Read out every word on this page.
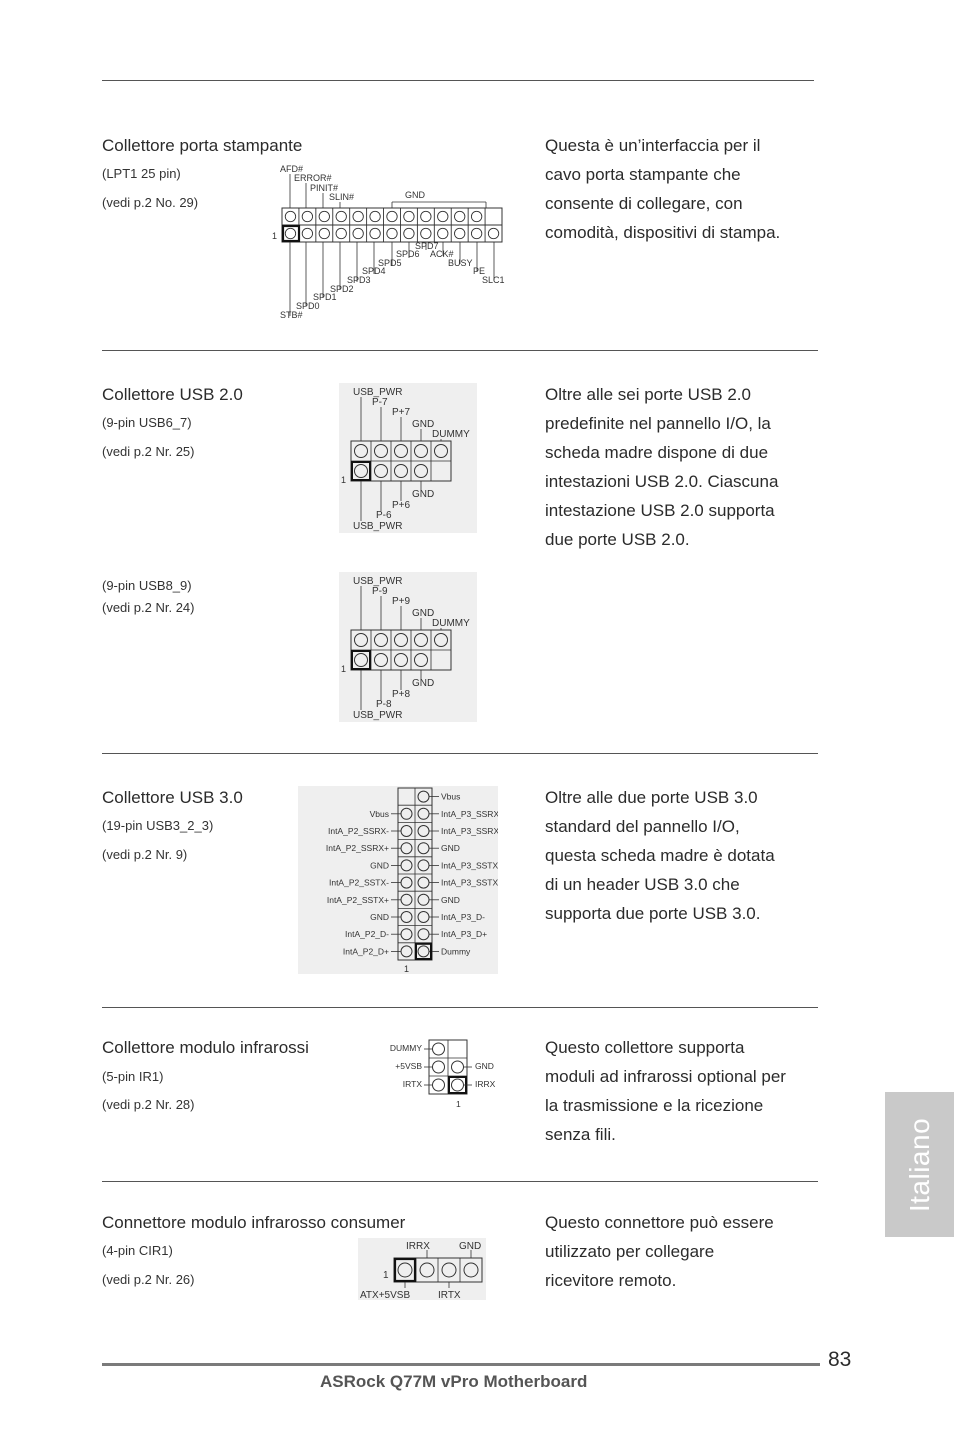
Collettore porta stampante
(LPT1 25 pin)
(vedi p.2 No. 29)
Questa è un’interfaccia per il
cavo porta stampante che
consente di collegare, con
comodità, dispositivi di stampa.
1
AFD#
ERROR#
PINIT#
SLIN#	GND
SPD7
SPD6 ACK#
SPD5	BUSY
SPD4	PE
SPD3	SLC1
SPD2
SPD1
SPD0
STB#
Collettore USB 2.0
(9-pin USB6_7)
(vedi p.2 Nr. 25)
Oltre alle sei porte USB 2.0
predefinite nel pannello I/O, la
scheda madre dispone di due
intestazioni USB 2.0. Ciascuna
intestazione USB 2.0 supporta
due porte USB 2.0.
USB_PWR
P-7
P+7
GND
DUMMY
1
GND
P+6
P-6
USB_PWR
(9-pin USB8_9)
(vedi p.2 Nr. 24)
USB_PWR
P-9
P+9
GND
DUMMY
1
GND
P+8
P-8
USB_PWR
Collettore USB 3.0
(19-pin USB3_2_3)
(vedi p.2 Nr. 9)
Oltre alle due porte USB 3.0
standard del pannello I/O,
questa scheda madre è dotata
di un header USB 3.0 che
supporta due porte USB 3.0.
Vbus
IntA_P2_SSRX-
IntA_P2_SSRX+
GND
IntA_P2_SSTX-
IntA_P2_SSTX+
GND
IntA_P2_D-
IntA_P2_D+
Vbus
IntA_P3_SSRX-
IntA_P3_SSRX+
GND
IntA_P3_SSTX-
IntA_P3_SSTX+
GND
IntA_P3_D-
IntA_P3_D+
Dummy
1
Collettore modulo infrarossi
(5-pin IR1)
(vedi p.2 Nr. 28)
Questo collettore supporta
moduli ad infrarossi optional per
la trasmissione e la ricezione
senza fili.
DUMMY
+5VSB
IRTX
GND
IRRX
1
Connettore modulo infrarosso consumer
(4-pin CIR1)
(vedi p.2 Nr. 26)
Questo connettore può essere
utilizzato per collegare
ricevitore remoto.
IRRX	GND
1
ATX+5VSB	IRTX
Italiano
83
ASRock Q77M vPro Motherboard
